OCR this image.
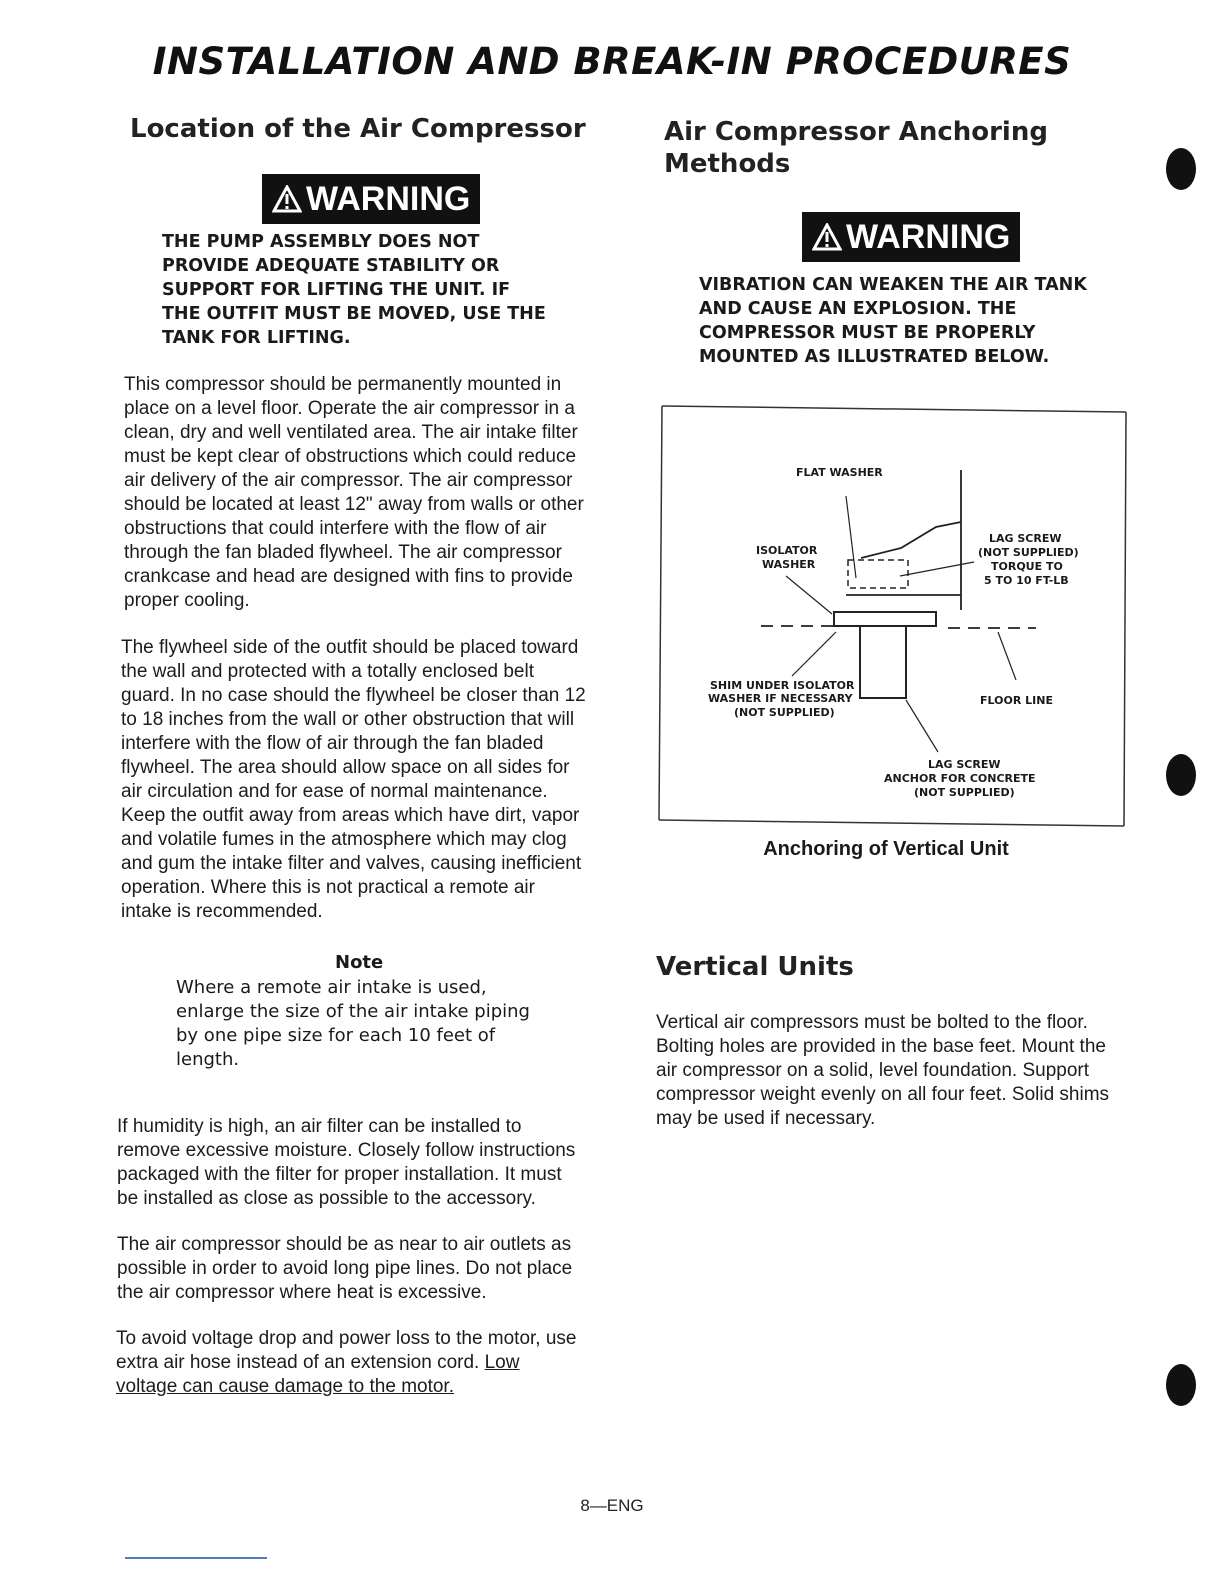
INSTALLATION AND BREAK-IN PROCEDURES
Location of the Air Compressor
WARNING
THE PUMP ASSEMBLY DOES NOT PROVIDE ADEQUATE STABILITY OR SUPPORT FOR LIFTING THE UNIT. IF THE OUTFIT MUST BE MOVED, USE THE TANK FOR LIFTING.

This compressor should be permanently mounted in place on a level floor. Operate the air compressor in a clean, dry and well ventilated area. The air intake filter must be kept clear of obstructions which could reduce air delivery of the air compressor. The air compressor should be located at least 12" away from walls or other obstructions that could interfere with the flow of air through the fan bladed flywheel. The air compressor crankcase and head are designed with fins to provide proper cooling.

The flywheel side of the outfit should be placed toward the wall and protected with a totally enclosed belt guard. In no case should the flywheel be closer than 12 to 18 inches from the wall or other obstruction that will interfere with the flow of air through the fan bladed flywheel. The area should allow space on all sides for air circulation and for ease of normal maintenance. Keep the outfit away from areas which have dirt, vapor and volatile fumes in the atmosphere which may clog and gum the intake filter and valves, causing inefficient operation. Where this is not practical a remote air intake is recommended.

Note
Where a remote air intake is used, enlarge the size of the air intake piping by one pipe size for each 10 feet of length.

If humidity is high, an air filter can be installed to remove excessive moisture. Closely follow instructions packaged with the filter for proper installation. It must be installed as close as possible to the accessory.

The air compressor should be as near to air outlets as possible in order to avoid long pipe lines. Do not place the air compressor where heat is excessive.

To avoid voltage drop and power loss to the motor, use extra air hose instead of an extension cord. Low voltage can cause damage to the motor.

Air Compressor Anchoring Methods
WARNING
VIBRATION CAN WEAKEN THE AIR TANK AND CAUSE AN EXPLOSION. THE COMPRESSOR MUST BE PROPERLY MOUNTED AS ILLUSTRATED BELOW.
FLAT WASHER
ISOLATOR
WASHER
LAG SCREW
(NOT SUPPLIED)
TORQUE TO
5 TO 10 FT-LB
SHIM UNDER ISOLATOR
WASHER IF NECESSARY
(NOT SUPPLIED)
FLOOR LINE
LAG SCREW
ANCHOR FOR CONCRETE
(NOT SUPPLIED)
Anchoring of Vertical Unit
Vertical Units

Vertical air compressors must be bolted to the floor. Bolting holes are provided in the base feet. Mount the air compressor on a solid, level foundation. Support compressor weight evenly on all four feet. Solid shims may be used if necessary.

8—ENG
